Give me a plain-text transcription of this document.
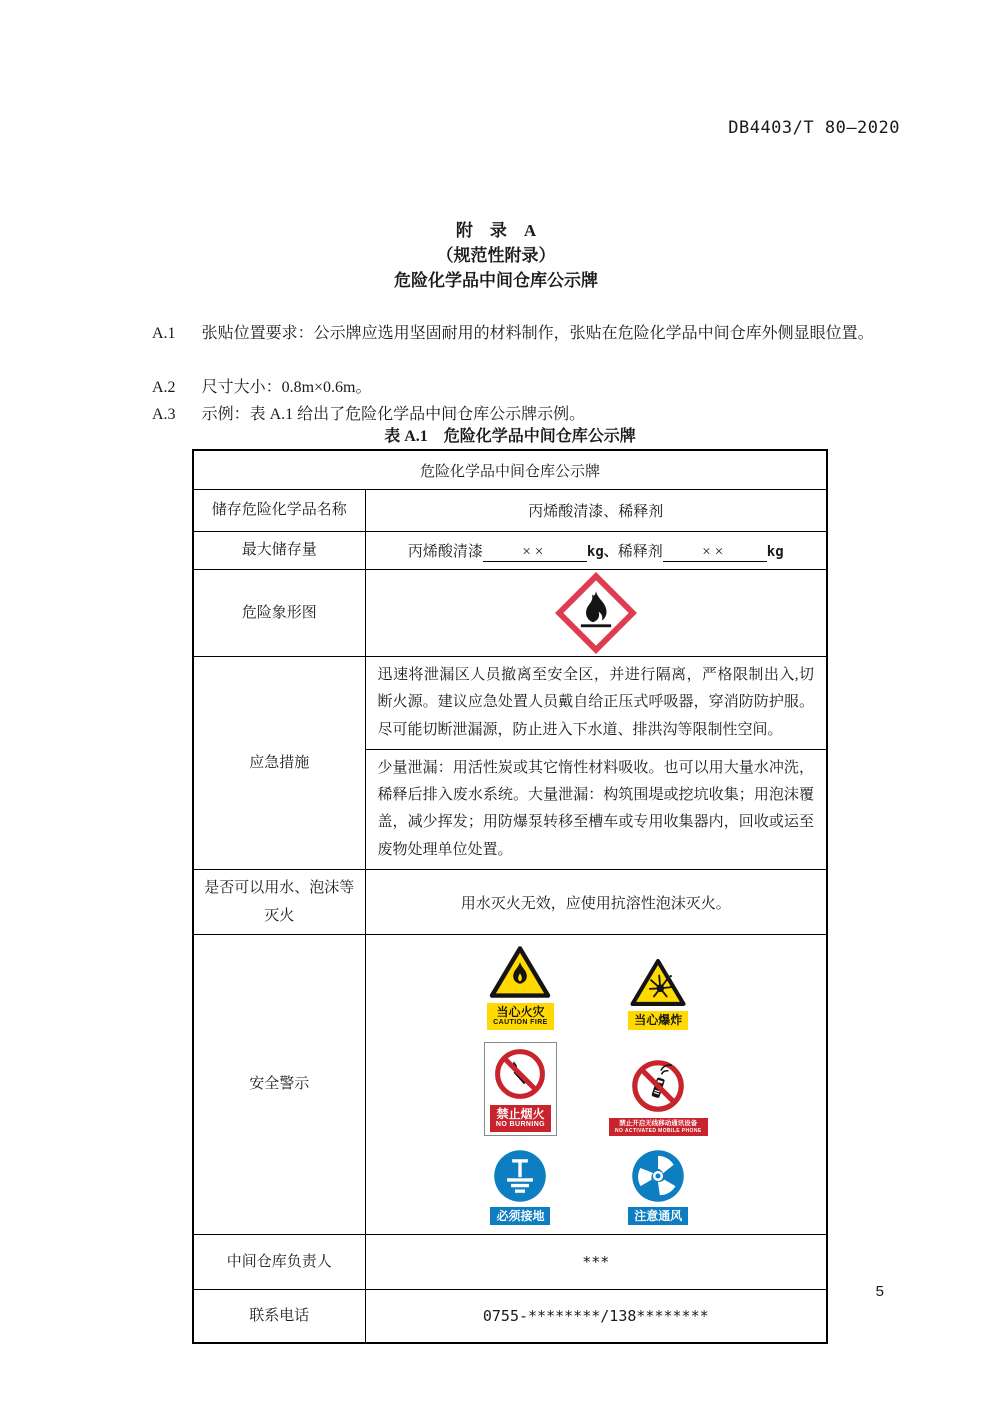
DB4403/T 80—2020
附　录　A
（规范性附录）
危险化学品中间仓库公示牌

A.1 张贴位置要求：公示牌应选用坚固耐用的材料制作，张贴在危险化学品中间仓库外侧显眼位置。

A.2 尺寸大小：0.8m×0.6m。

A.3 示例：表 A.1 给出了危险化学品中间仓库公示牌示例。

表 A.1　危险化学品中间仓库公示牌
危险化学品中间仓库公示牌	
储存危险化学品名称	丙烯酸清漆、稀释剂
最大储存量	丙烯酸清漆 ×× kg、稀释剂 ×× kg
危险象形图	

应急措施	迅速将泄漏区人员撤离至安全区，并进行隔离，严格限制出入,切断火源。建议应急处置人员戴自给正压式呼吸器，穿消防防护服。尽可能切断泄漏源，防止进入下水道、排洪沟等限制性空间。
	少量泄漏：用活性炭或其它惰性材料吸收。也可以用大量水冲洗，稀释后排入废水系统。大量泄漏：构筑围堤或挖坑收集；用泡沫覆盖，减少挥发；用防爆泵转移至槽车或专用收集器内，回收或运至废物处理单位处置。
是否可以用水、泡沫等灭火	用水灭火无效，应使用抗溶性泡沫灭火。
安全警示	
当心火灾
CAUTION FIRE	当心爆炸
禁止烟火
NO BURNING	禁止开启无线移动通讯设备
NO ACTIVATED MOBILE PHONE
必须接地	注意通风

中间仓库负责人	***
联系电话	0755-********/138********
5
